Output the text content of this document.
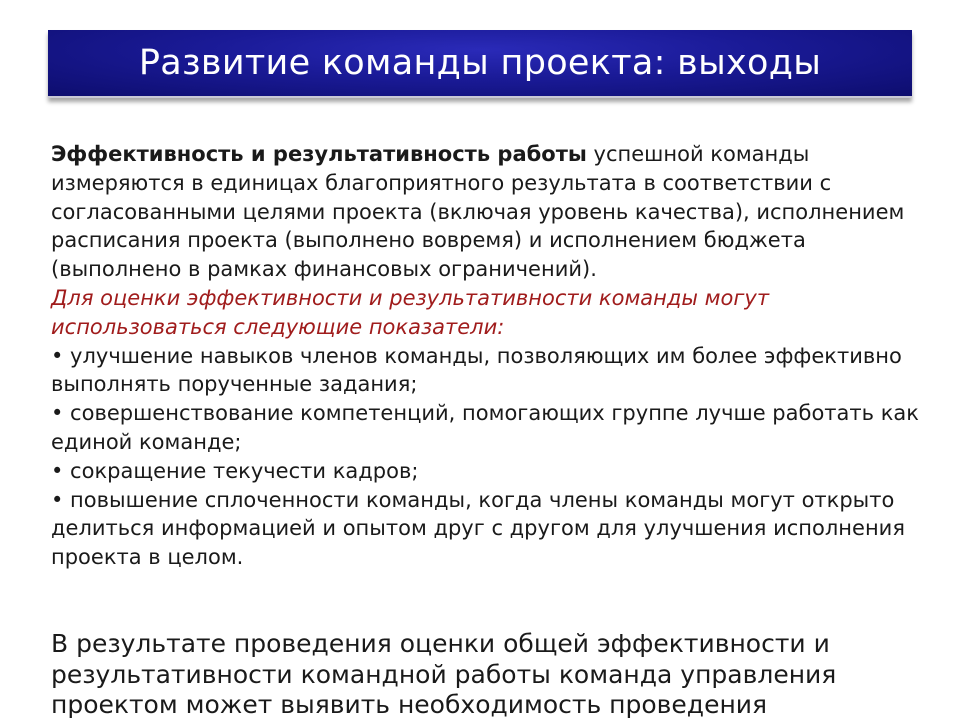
Развитие команды проекта: выходы

Эффективность и результативность работы успешной команды измеряются в единицах благоприятного результата в соответствии с согласованными целями проекта (включая уровень качества), исполнением расписания проекта (выполнено вовремя) и исполнением бюджета (выполнено в рамках финансовых ограничений).

Для оценки эффективности и результативности команды могут использоваться следующие показатели:

• улучшение навыков членов команды, позволяющих им более эффективно выполнять порученные задания;
• совершенствование компетенций, помогающих группе лучше работать как единой команде;
• сокращение текучести кадров;
• повышение сплоченности команды, когда члены команды могут открыто делиться информацией и опытом друг с другом для улучшения исполнения проекта в целом.

В результате проведения оценки общей эффективности и результативности командной работы команда управления проектом может выявить необходимость проведения
